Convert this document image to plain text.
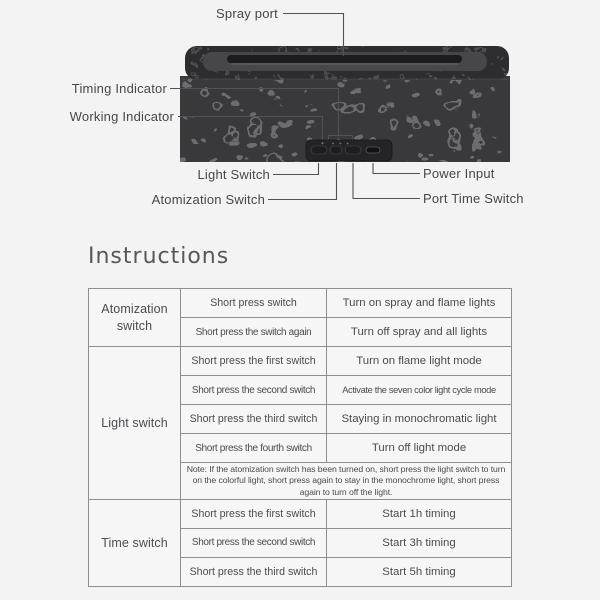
Spray port
Timing Indicator
Working Indicator
Light Switch
Atomization Switch
Power Input
Port Time Switch
Instructions
Atomization switch	Short press switch	Turn on spray and flame lights
	Short press the switch again	Turn off spray and all lights
Light switch	Short press the first switch	Turn on flame light mode
	Short press the second switch	Activate the seven color light cycle mode
	Short press the third switch	Staying in monochromatic light
	Short press the fourth switch	Turn off light mode
	Note: If the atomization switch has been turned on, short press the light switch to turn on the colorful light, short press again to stay in the monochrome light, short press again to turn off the light.	
Time switch	Short press the first switch	Start 1h timing
	Short press the second switch	Start 3h timing
	Short press the third switch	Start 5h timing
